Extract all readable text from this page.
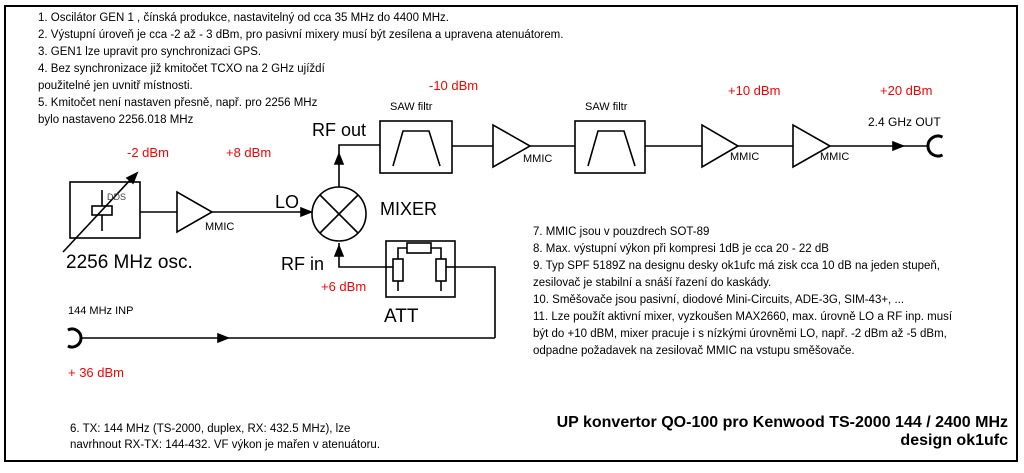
1. Oscilátor GEN 1 , čínská produkce, nastavitelný od cca 35 MHz do 4400 MHz.
2. Výstupní úroveň je cca -2 až - 3 dBm, pro pasivní mixery musí být zesílena a upravena atenuátorem.
3. GEN1 lze upravit pro synchronizaci GPS.
4. Bez synchronizace již kmitočet TCXO na 2 GHz ujíždí
použitelné jen uvnitř místnosti.
5. Kmitočet není nastaven přesně, např. pro 2256 MHz
bylo nastaveno 2256.018 MHz
7. MMIC jsou v pouzdrech SOT-89
8. Max. výstupní výkon při kompresi 1dB je cca 20 - 22 dB
9. Typ SPF 5189Z na designu desky ok1ufc má zisk cca 10 dB na jeden stupeň,
zesilovač je stabilní a snáší řazení do kaskády.
10. Směšovače jsou pasivní, diodové Mini-Circuits, ADE-3G, SIM-43+, ...
11. Lze použít aktivní mixer, vyzkoušen MAX2660, max. úrovně LO a RF inp. musí
být do +10 dBM, mixer pracuje i s nízkými úrovněmi LO, např. -2 dBm až -5 dBm,
odpadne požadavek na zesilovač MMIC na vstupu směšovače.
6. TX: 144 MHz (TS-2000, duplex, RX: 432.5 MHz), lze
navrhnout RX-TX: 144-432. VF výkon je mařen v atenuátoru.
UP konvertor QO-100 pro Kenwood TS-2000 144 / 2400 MHz
design ok1ufc
DDS
2256 MHz osc.
MIXER
ATT
SAW filtr	SAW filtr
MMIC
MMIC	MMIC	MMIC
LO
RF out
RF in
144 MHz INP
2.4 GHz OUT
-2 dBm	+8 dBm
-10 dBm	+10 dBm	+20 dBm
+6 dBm
+ 36 dBm
